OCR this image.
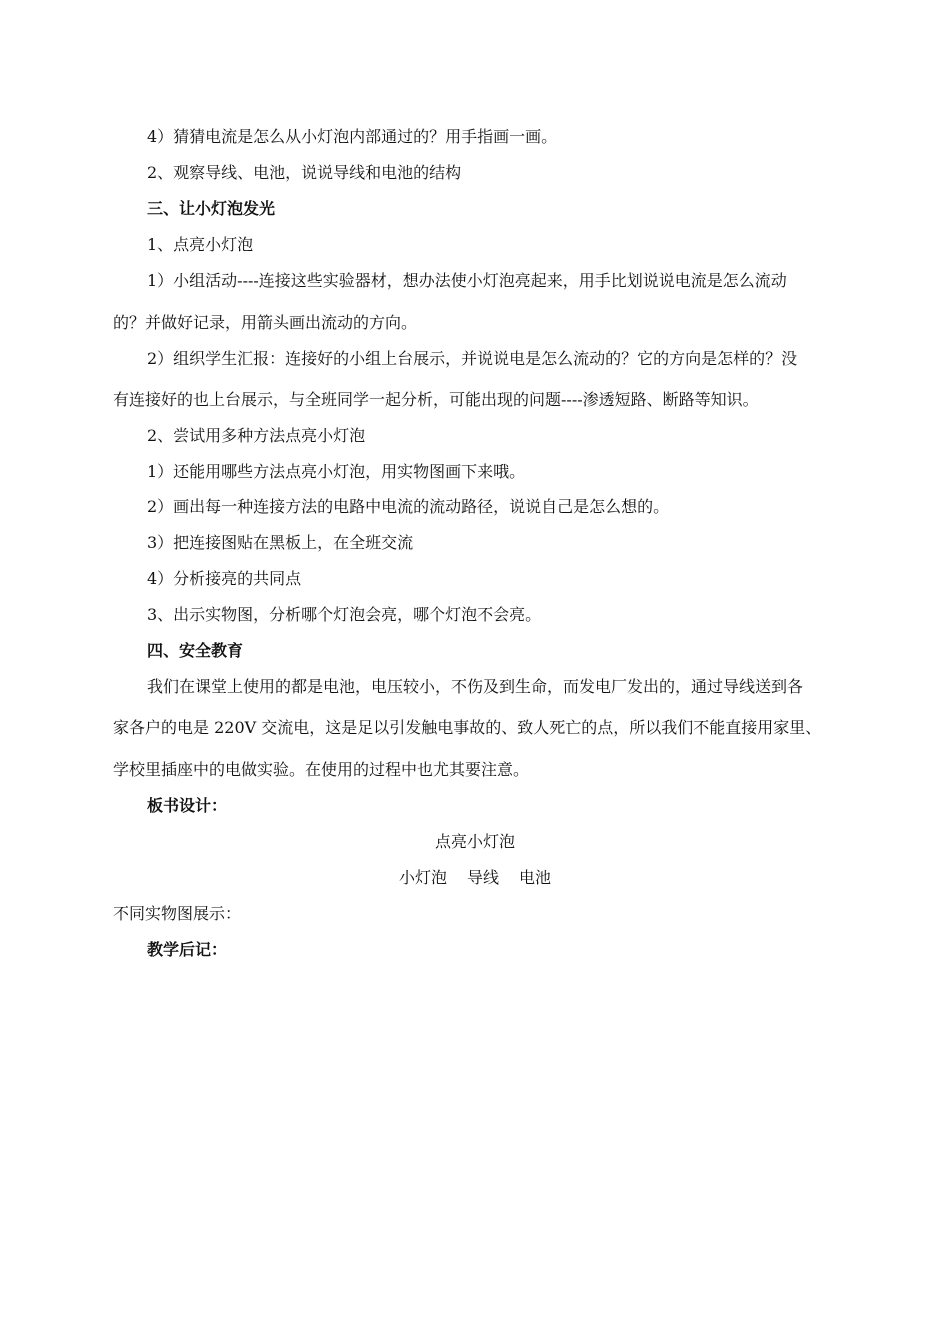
4）猜猜电流是怎么从小灯泡内部通过的？用手指画一画。
2、观察导线、电池，说说导线和电池的结构
三、让小灯泡发光
1、点亮小灯泡
1）小组活动----连接这些实验器材，想办法使小灯泡亮起来，用手比划说说电流是怎么流动
的？并做好记录，用箭头画出流动的方向。
2）组织学生汇报：连接好的小组上台展示，并说说电是怎么流动的？它的方向是怎样的？没
有连接好的也上台展示，与全班同学一起分析，可能出现的问题----渗透短路、断路等知识。
2、尝试用多种方法点亮小灯泡
1）还能用哪些方法点亮小灯泡，用实物图画下来哦。
2）画出每一种连接方法的电路中电流的流动路径，说说自己是怎么想的。
3）把连接图贴在黑板上，在全班交流
4）分析接亮的共同点
3、出示实物图，分析哪个灯泡会亮，哪个灯泡不会亮。
四、安全教育
我们在课堂上使用的都是电池，电压较小，不伤及到生命，而发电厂发出的，通过导线送到各
家各户的电是 220V 交流电，这是足以引发触电事故的、致人死亡的点，所以我们不能直接用家里、
学校里插座中的电做实验。在使用的过程中也尤其要注意。
板书设计：
点亮小灯泡
小灯泡 导线 电池
不同实物图展示：
教学后记：
